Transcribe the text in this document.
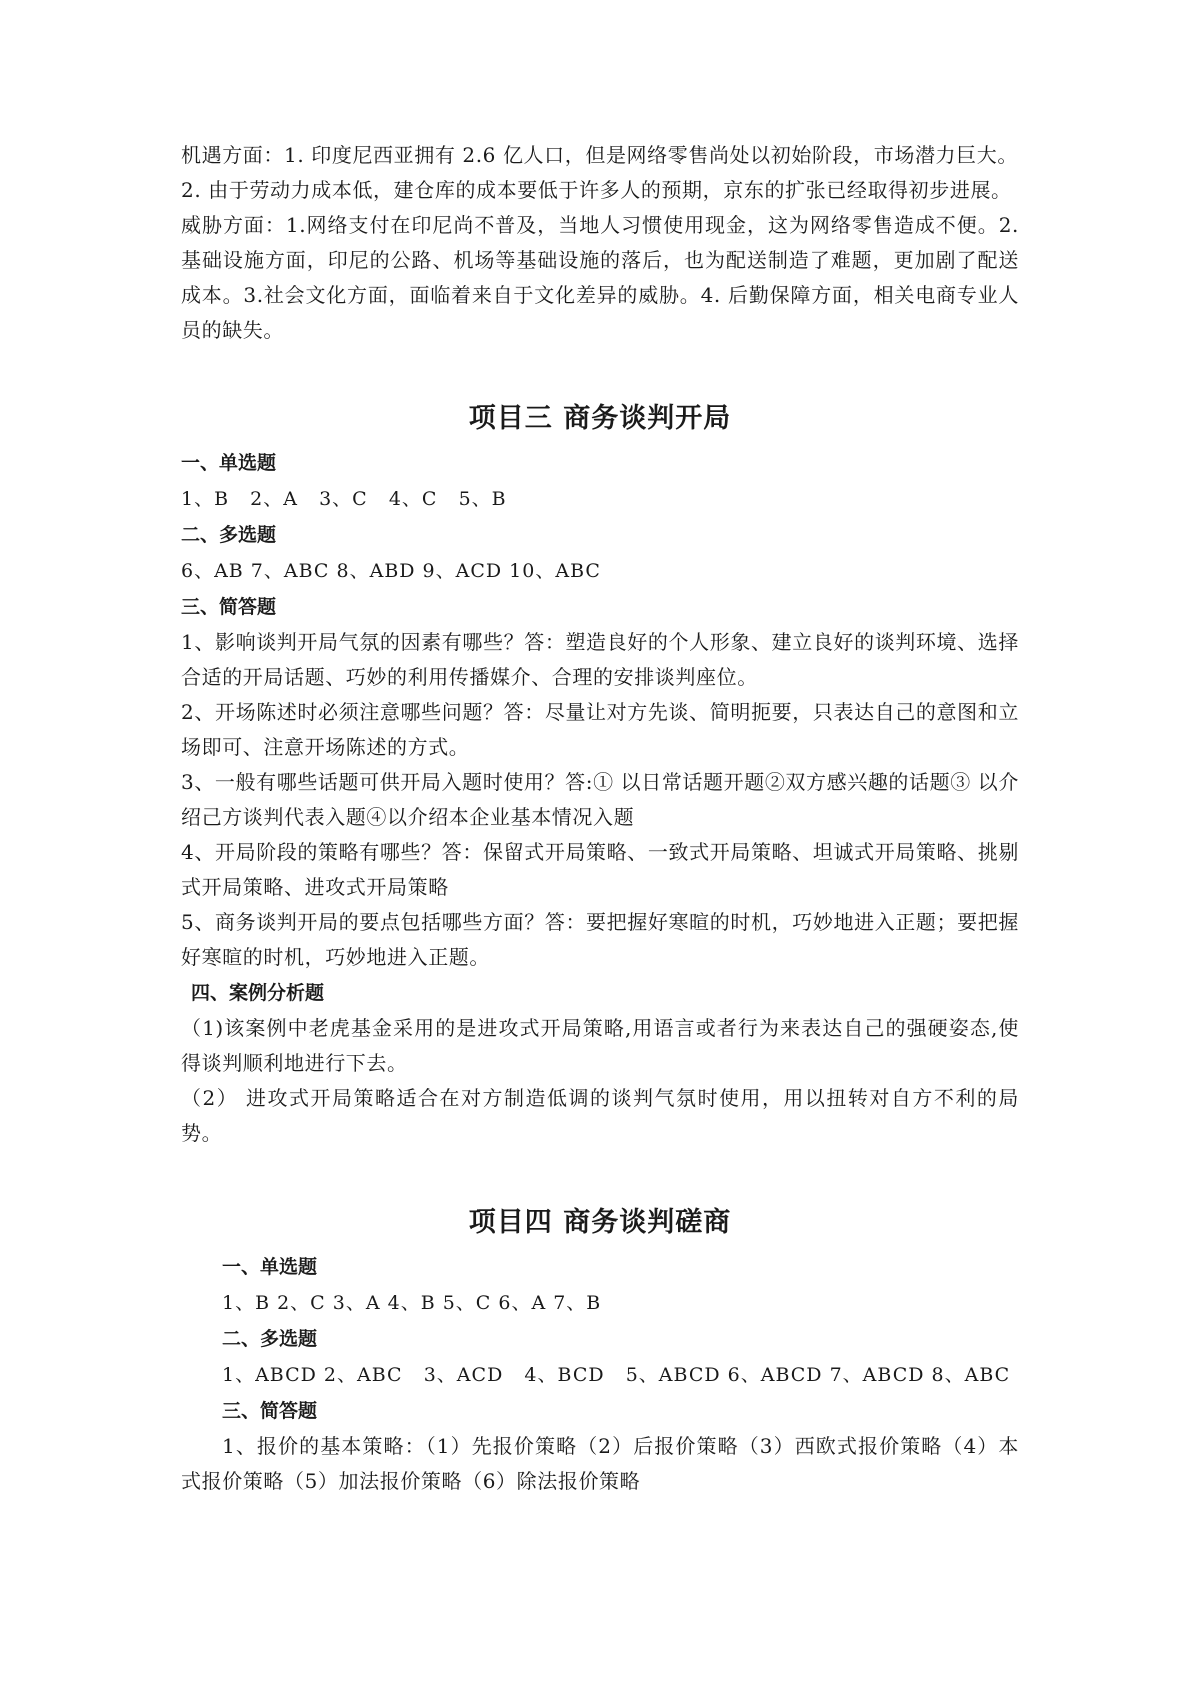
机遇方面：1. 印度尼西亚拥有 2.6 亿人口，但是网络零售尚处以初始阶段，市场潜力巨大。

2. 由于劳动力成本低，建仓库的成本要低于许多人的预期，京东的扩张已经取得初步进展。

威胁方面：1.网络支付在印尼尚不普及，当地人习惯使用现金，这为网络零售造成不便。2.基础设施方面，印尼的公路、机场等基础设施的落后，也为配送制造了难题，更加剧了配送成本。3.社会文化方面，面临着来自于文化差异的威胁。4. 后勤保障方面，相关电商专业人员的缺失。

项目三 商务谈判开局

一、单选题

1、B   2、A   3、C   4、C   5、B

二、多选题

6、AB 7、ABC 8、ABD 9、ACD 10、ABC

三、简答题

1、影响谈判开局气氛的因素有哪些？答：塑造良好的个人形象、建立良好的谈判环境、选择合适的开局话题、巧妙的利用传播媒介、合理的安排谈判座位。

2、开场陈述时必须注意哪些问题？答：尽量让对方先谈、简明扼要，只表达自己的意图和立场即可、注意开场陈述的方式。

3、一般有哪些话题可供开局入题时使用？答:① 以日常话题开题②双方感兴趣的话题③ 以介绍己方谈判代表入题④以介绍本企业基本情况入题

4、开局阶段的策略有哪些？答：保留式开局策略、一致式开局策略、坦诚式开局策略、挑剔式开局策略、进攻式开局策略

5、商务谈判开局的要点包括哪些方面？答：要把握好寒暄的时机，巧妙地进入正题；要把握好寒暄的时机，巧妙地进入正题。

四、案例分析题

（1)该案例中老虎基金采用的是进攻式开局策略,用语言或者行为来表达自己的强硬姿态,使得谈判顺利地进行下去。

（2） 进攻式开局策略适合在对方制造低调的谈判气氛时使用，用以扭转对自方不利的局势。

项目四 商务谈判磋商

一、单选题

1、B 2、C 3、A 4、B 5、C 6、A 7、B

二、多选题

1、ABCD 2、ABC   3、ACD   4、BCD   5、ABCD 6、ABCD 7、ABCD 8、ABC

三、简答题

1、报价的基本策略：（1）先报价策略（2）后报价策略（3）西欧式报价策略（4）本式报价策略（5）加法报价策略（6）除法报价策略
